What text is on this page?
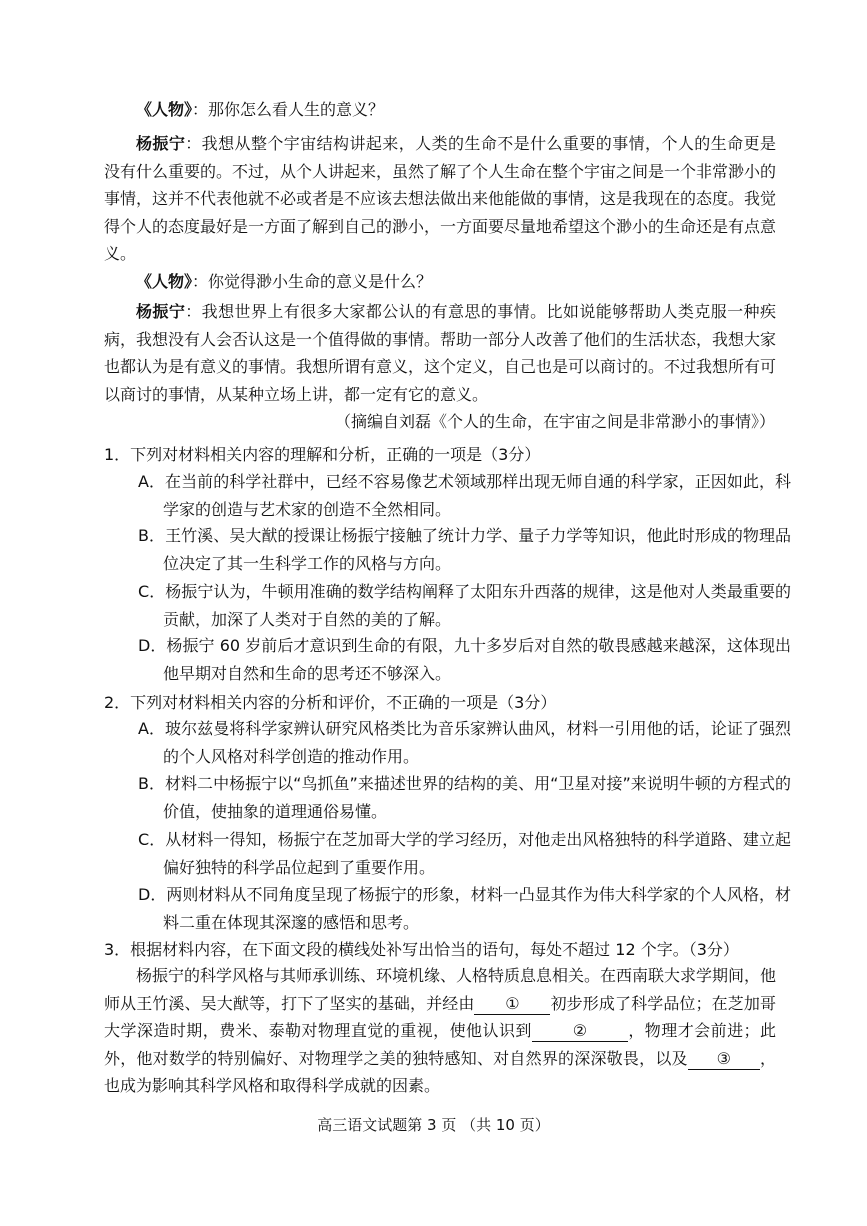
《人物》：那你怎么看人生的意义？

杨振宁：我想从整个宇宙结构讲起来，人类的生命不是什么重要的事情，个人的生命更是没有什么重要的。不过，从个人讲起来，虽然了解了个人生命在整个宇宙之间是一个非常渺小的事情，这并不代表他就不必或者是不应该去想法做出来他能做的事情，这是我现在的态度。我觉得个人的态度最好是一方面了解到自己的渺小，一方面要尽量地希望这个渺小的生命还是有点意义。

《人物》：你觉得渺小生命的意义是什么？

杨振宁：我想世界上有很多大家都公认的有意思的事情。比如说能够帮助人类克服一种疾病，我想没有人会否认这是一个值得做的事情。帮助一部分人改善了他们的生活状态，我想大家也都认为是有意义的事情。我想所谓有意义，这个定义，自己也是可以商讨的。不过我想所有可以商讨的事情，从某种立场上讲，都一定有它的意义。

（摘编自刘磊《个人的生命，在宇宙之间是非常渺小的事情》）

1．下列对材料相关内容的理解和分析，正确的一项是（3分）

A．在当前的科学社群中，已经不容易像艺术领域那样出现无师自通的科学家，正因如此，科学家的创造与艺术家的创造不全然相同。

B．王竹溪、吴大猷的授课让杨振宁接触了统计力学、量子力学等知识，他此时形成的物理品位决定了其一生科学工作的风格与方向。

C．杨振宁认为，牛顿用准确的数学结构阐释了太阳东升西落的规律，这是他对人类最重要的贡献，加深了人类对于自然的美的了解。

D．杨振宁 60 岁前后才意识到生命的有限，九十多岁后对自然的敬畏感越来越深，这体现出他早期对自然和生命的思考还不够深入。

2．下列对材料相关内容的分析和评价，不正确的一项是（3分）

A．玻尔兹曼将科学家辨认研究风格类比为音乐家辨认曲风，材料一引用他的话，论证了强烈的个人风格对科学创造的推动作用。

B．材料二中杨振宁以“鸟抓鱼”来描述世界的结构的美、用“卫星对接”来说明牛顿的方程式的价值，使抽象的道理通俗易懂。

C．从材料一得知，杨振宁在芝加哥大学的学习经历，对他走出风格独特的科学道路、建立起偏好独特的科学品位起到了重要作用。

D．两则材料从不同角度呈现了杨振宁的形象，材料一凸显其作为伟大科学家的个人风格，材料二重在体现其深邃的感悟和思考。

3．根据材料内容，在下面文段的横线处补写出恰当的语句，每处不超过 12 个字。（3分）

杨振宁的科学风格与其师承训练、环境机缘、人格特质息息相关。在西南联大求学期间，他师从王竹溪、吴大猷等，打下了坚实的基础，并经由 ① 初步形成了科学品位；在芝加哥大学深造时期，费米、泰勒对物理直觉的重视，使他认识到	②	，物理才会前进；此外，他对数学的特别偏好、对物理学之美的独特感知、对自然界的深深敬畏，以及 ③ ，也成为影响其科学风格和取得科学成就的因素。

高三语文试题第 3 页 （共 10 页）
